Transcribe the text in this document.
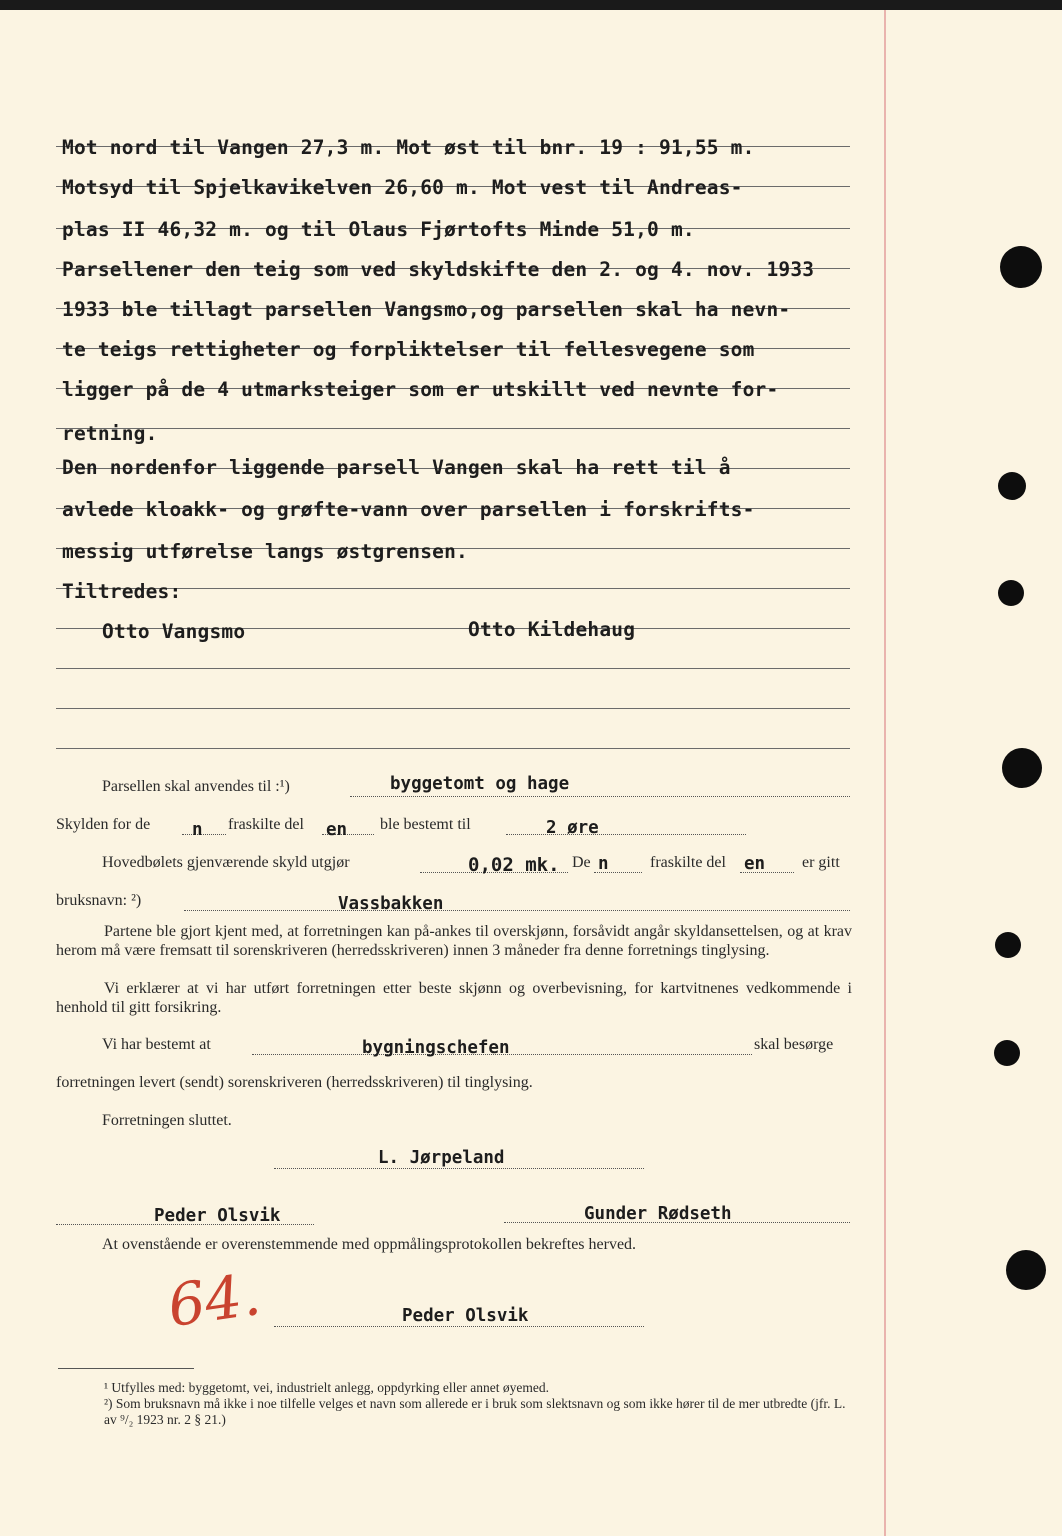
Mot nord til Vangen 27,3 m. Mot øst til bnr. 19 : 91,55 m.
Motsyd til Spjelkavikelven 26,60 m. Mot vest til Andreas-
plas II 46,32 m. og til Olaus Fjørtofts Minde 51,0 m.
Parsellener den teig som ved skyldskifte den 2. og 4. nov. 1933
1933 ble tillagt parsellen Vangsmo,og parsellen skal ha nevn-
te teigs rettigheter og forpliktelser til fellesvegene som
ligger på de 4 utmarksteiger som er utskillt ved nevnte for-
retning.
Den nordenfor liggende parsell Vangen skal ha rett til å
avlede kloakk- og grøfte-vann over parsellen i forskrifts-
messig utførelse langs østgrensen.
Tiltredes:
Otto Vangsmo	Otto Kildehaug
Parsellen skal anvendes til :¹)	byggetomt og hage
Skylden for de n fraskilte del en ble bestemt til	2 øre
Hovedbølets gjenværende skyld utgjør	0,02 mk. De n	fraskilte del en er gitt
bruksnavn: ²)	Vassbakken
Partene ble gjort kjent med, at forretningen kan på-ankes til overskjønn, forsåvidt angår skyldansettelsen, og at krav herom må være fremsatt til sorenskriveren (herredsskriveren) innen 3 måneder fra denne forretnings tinglysing.
Vi erklærer at vi har utført forretningen etter beste skjønn og overbevisning, for kartvitnenes vedkommende i henhold til gitt forsikring.
Vi har bestemt at	bygningschefen	skal besørge
forretningen levert (sendt) sorenskriveren (herredsskriveren) til tinglysing.
Forretningen sluttet.
L. Jørpeland
Peder Olsvik	Gunder Rødseth
At ovenstående er overenstemmende med oppmålingsprotokollen bekreftes herved.
Peder Olsvik
64.
¹ Utfylles med: byggetomt, vei, industrielt anlegg, oppdyrking eller annet øyemed.
²) Som bruksnavn må ikke i noe tilfelle velges et navn som allerede er i bruk som slektsnavn og som ikke hører til de mer utbredte (jfr. L. av ⁹/₂ 1923 nr. 2 § 21.)
